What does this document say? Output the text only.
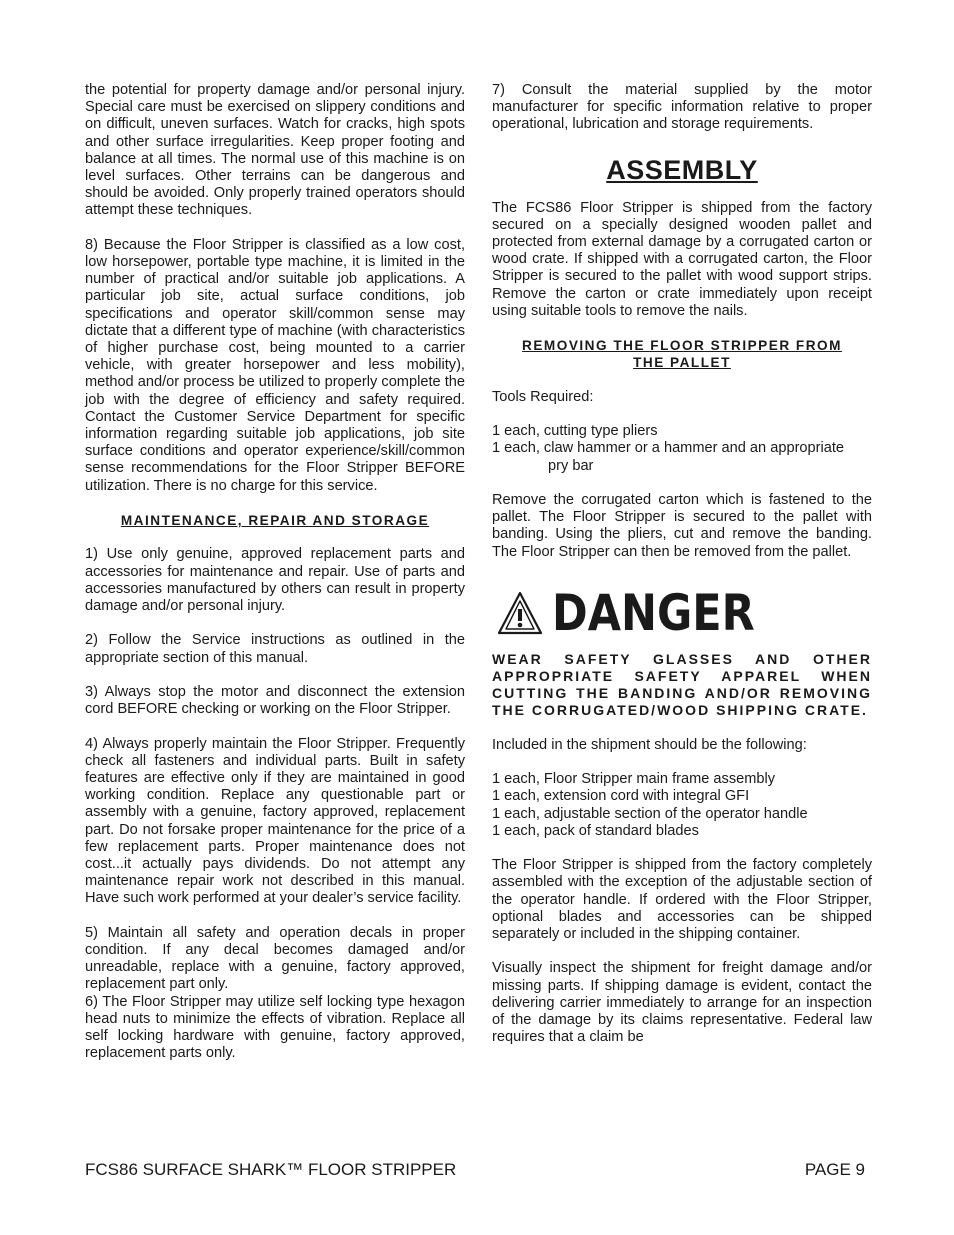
the potential for property damage and/or personal injury. Special care must be exercised on slippery conditions and on difficult, uneven surfaces. Watch for cracks, high spots and other surface irregularities. Keep proper footing and balance at all times. The normal use of this machine is on level surfaces. Other terrains can be dangerous and should be avoided. Only properly trained operators should attempt these techniques.

8) Because the Floor Stripper is classified as a low cost, low horsepower, portable type machine, it is limited in the number of practical and/or suitable job applications. A particular job site, actual surface conditions, job specifications and operator skill/common sense may dictate that a different type of machine (with characteristics of higher purchase cost, being mounted to a carrier vehicle, with greater horsepower and less mobility), method and/or process be utilized to properly complete the job with the degree of efficiency and safety required. Contact the Customer Service Department for specific information regarding suitable job applications, job site surface conditions and operator experience/skill/common sense recommendations for the Floor Stripper BEFORE utilization. There is no charge for this service.

MAINTENANCE, REPAIR AND STORAGE

1) Use only genuine, approved replacement parts and accessories for maintenance and repair. Use of parts and accessories manufactured by others can result in property damage and/or personal injury.

2) Follow the Service instructions as outlined in the appropriate section of this manual.

3) Always stop the motor and disconnect the extension cord BEFORE checking or working on the Floor Stripper.

4) Always properly maintain the Floor Stripper. Frequently check all fasteners and individual parts. Built in safety features are effective only if they are maintained in good working condition. Replace any questionable part or assembly with a genuine, factory approved, replacement part. Do not forsake proper maintenance for the price of a few replacement parts. Proper maintenance does not cost...it actually pays dividends. Do not attempt any maintenance repair work not described in this manual. Have such work performed at your dealer’s service facility.

5) Maintain all safety and operation decals in proper condition. If any decal becomes damaged and/or unreadable, replace with a genuine, factory approved, replacement part only.

6) The Floor Stripper may utilize self locking type hexagon head nuts to minimize the effects of vibration. Replace all self locking hardware with genuine, factory approved, replacement parts only.

7) Consult the material supplied by the motor manufacturer for specific information relative to proper operational, lubrication and storage requirements.

ASSEMBLY

The FCS86 Floor Stripper is shipped from the factory secured on a specially designed wooden pallet and protected from external damage by a corrugated carton or wood crate. If shipped with a corrugated carton, the Floor Stripper is secured to the pallet with wood support strips. Remove the carton or crate immediately upon receipt using suitable tools to remove the nails.

REMOVING THE FLOOR STRIPPER FROM
THE PALLET

Tools Required:

1 each, cutting type pliers
1 each, claw hammer or a hammer and an appropriate

pry bar

Remove the corrugated carton which is fastened to the pallet. The Floor Stripper is secured to the pallet with banding. Using the pliers, cut and remove the banding. The Floor Stripper can then be removed from the pallet.

DANGER

WEAR SAFETY GLASSES AND OTHER APPROPRIATE SAFETY APPAREL WHEN CUTTING THE BANDING AND/OR REMOVING THE CORRUGATED/WOOD SHIPPING CRATE.

Included in the shipment should be the following:

1 each, Floor Stripper main frame assembly
1 each, extension cord with integral GFI
1 each, adjustable section of the operator handle

1 each, pack of standard blades

The Floor Stripper is shipped from the factory completely assembled with the exception of the adjustable section of the operator handle. If ordered with the Floor Stripper, optional blades and accessories can be shipped separately or included in the shipping container.

Visually inspect the shipment for freight damage and/or missing parts. If shipping damage is evident, contact the delivering carrier immediately to arrange for an inspection of the damage by its claims representative. Federal law requires that a claim be

FCS86 SURFACE SHARK™ FLOOR STRIPPER	PAGE 9
